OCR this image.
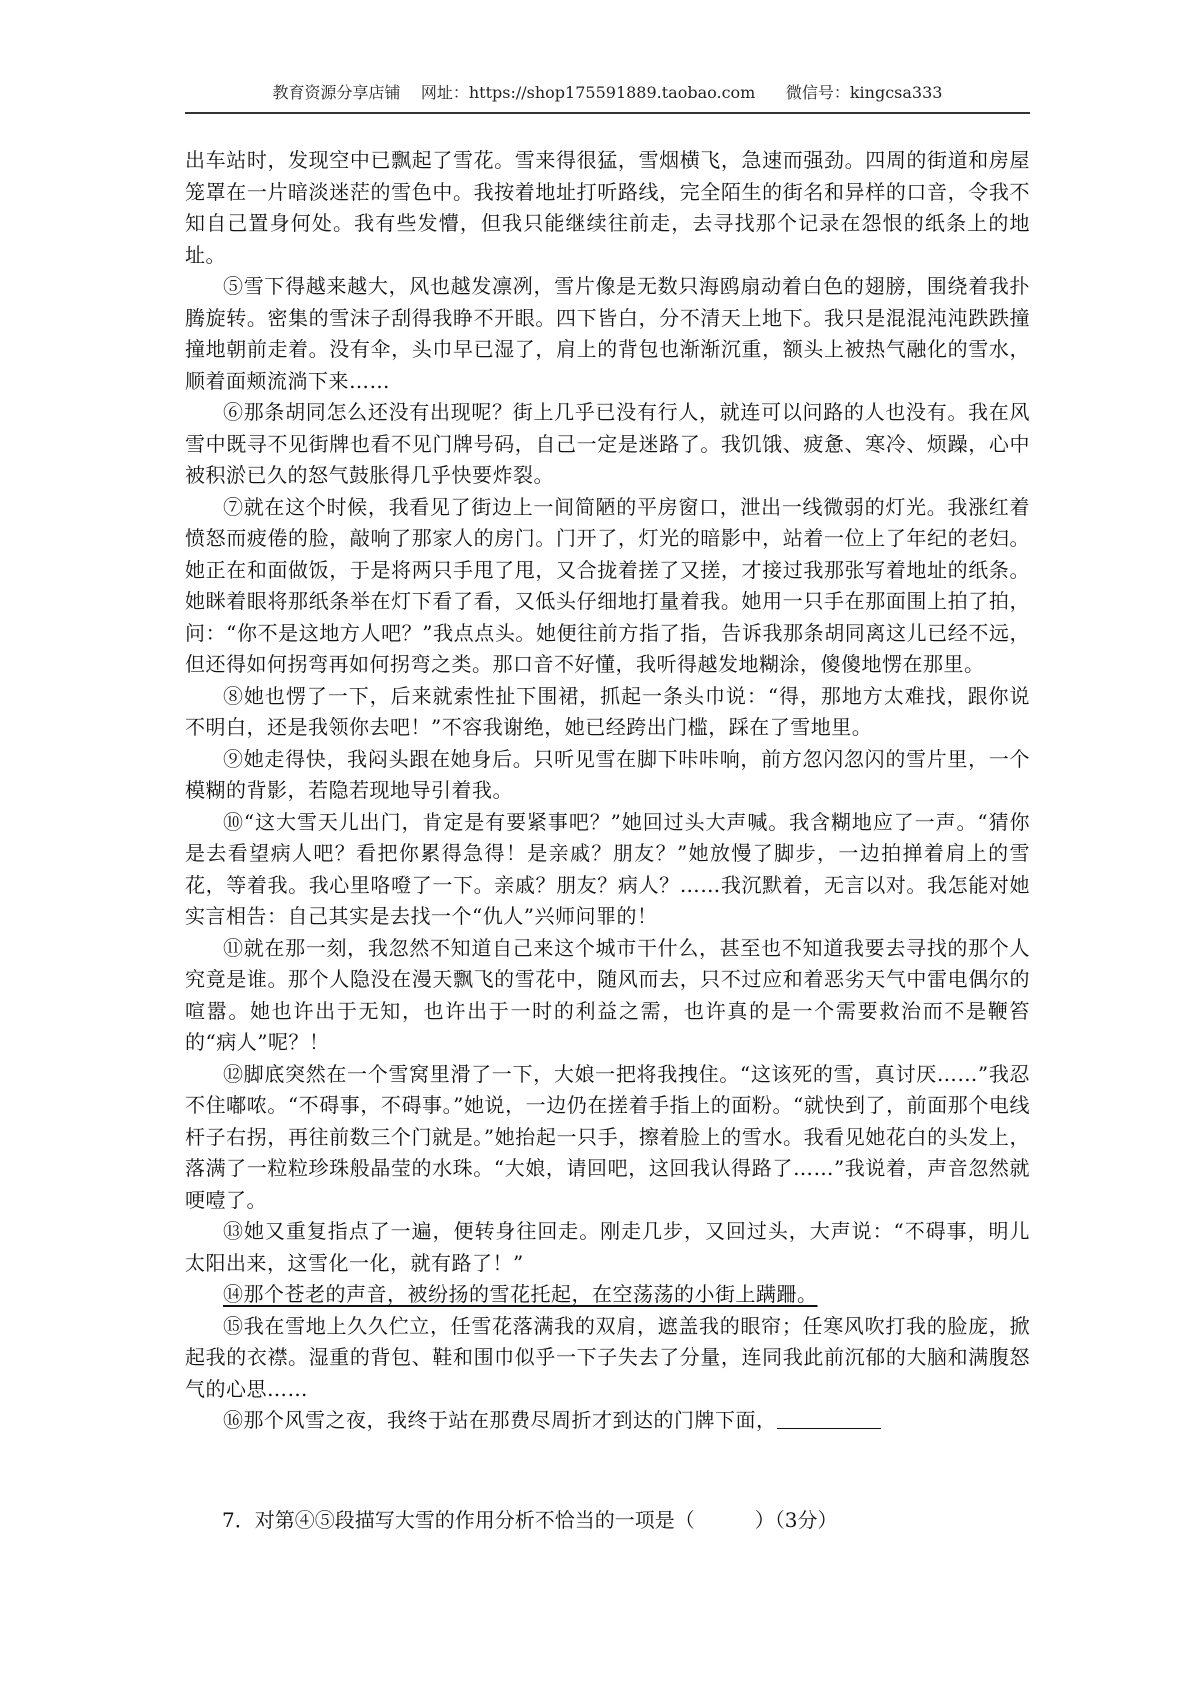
教育资源分享店铺 网址：https://shop175591889.taobao.com 微信号：kingcsa333

出车站时，发现空中已飘起了雪花。雪来得很猛，雪烟横飞，急速而强劲。四周的街道和房屋笼罩在一片暗淡迷茫的雪色中。我按着地址打听路线，完全陌生的街名和异样的口音，令我不知自己置身何处。我有些发懵，但我只能继续往前走，去寻找那个记录在怨恨的纸条上的地址。

⑤雪下得越来越大，风也越发凛冽，雪片像是无数只海鸥扇动着白色的翅膀，围绕着我扑腾旋转。密集的雪沫子刮得我睁不开眼。四下皆白，分不清天上地下。我只是混混沌沌跌跌撞撞地朝前走着。没有伞，头巾早已湿了，肩上的背包也渐渐沉重，额头上被热气融化的雪水，顺着面颊流淌下来……

⑥那条胡同怎么还没有出现呢？街上几乎已没有行人，就连可以问路的人也没有。我在风雪中既寻不见街牌也看不见门牌号码，自己一定是迷路了。我饥饿、疲惫、寒冷、烦躁，心中被积淤已久的怒气鼓胀得几乎快要炸裂。

⑦就在这个时候，我看见了街边上一间简陋的平房窗口，泄出一线微弱的灯光。我涨红着愤怒而疲倦的脸，敲响了那家人的房门。门开了，灯光的暗影中，站着一位上了年纪的老妇。她正在和面做饭，于是将两只手甩了甩，又合拢着搓了又搓，才接过我那张写着地址的纸条。她眯着眼将那纸条举在灯下看了看，又低头仔细地打量着我。她用一只手在那面围上拍了拍，问：“你不是这地方人吧？”我点点头。她便往前方指了指，告诉我那条胡同离这儿已经不远，但还得如何拐弯再如何拐弯之类。那口音不好懂，我听得越发地糊涂，傻傻地愣在那里。

⑧她也愣了一下，后来就索性扯下围裙，抓起一条头巾说：“得，那地方太难找，跟你说不明白，还是我领你去吧！”不容我谢绝，她已经跨出门槛，踩在了雪地里。

⑨她走得快，我闷头跟在她身后。只听见雪在脚下咔咔响，前方忽闪忽闪的雪片里，一个模糊的背影，若隐若现地导引着我。

⑩“这大雪天儿出门，肯定是有要紧事吧？”她回过头大声喊。我含糊地应了一声。“猜你是去看望病人吧？看把你累得急得！是亲戚？朋友？”她放慢了脚步，一边拍掸着肩上的雪花，等着我。我心里咯噔了一下。亲戚？朋友？病人？……我沉默着，无言以对。我怎能对她实言相告：自己其实是去找一个“仇人”兴师问罪的！

⑪就在那一刻，我忽然不知道自己来这个城市干什么，甚至也不知道我要去寻找的那个人究竟是谁。那个人隐没在漫天飘飞的雪花中，随风而去，只不过应和着恶劣天气中雷电偶尔的喧嚣。她也许出于无知，也许出于一时的利益之需，也许真的是一个需要救治而不是鞭笞的“病人”呢？！

⑫脚底突然在一个雪窝里滑了一下，大娘一把将我拽住。“这该死的雪，真讨厌……”我忍不住嘟哝。“不碍事，不碍事。”她说，一边仍在搓着手指上的面粉。“就快到了，前面那个电线杆子右拐，再往前数三个门就是。”她抬起一只手，擦着脸上的雪水。我看见她花白的头发上，落满了一粒粒珍珠般晶莹的水珠。“大娘，请回吧，这回我认得路了……”我说着，声音忽然就哽噎了。

⑬她又重复指点了一遍，便转身往回走。刚走几步，又回过头，大声说：“不碍事，明儿太阳出来，这雪化一化，就有路了！”

⑭那个苍老的声音，被纷扬的雪花托起，在空荡荡的小街上蹒跚。

⑮我在雪地上久久伫立，任雪花落满我的双肩，遮盖我的眼帘；任寒风吹打我的脸庞，掀起我的衣襟。湿重的背包、鞋和围巾似乎一下子失去了分量，连同我此前沉郁的大脑和满腹怒气的心思……

⑯那个风雪之夜，我终于站在那费尽周折才到达的门牌下面，

7．对第④⑤段描写大雪的作用分析不恰当的一项是（　　　）（3分）
